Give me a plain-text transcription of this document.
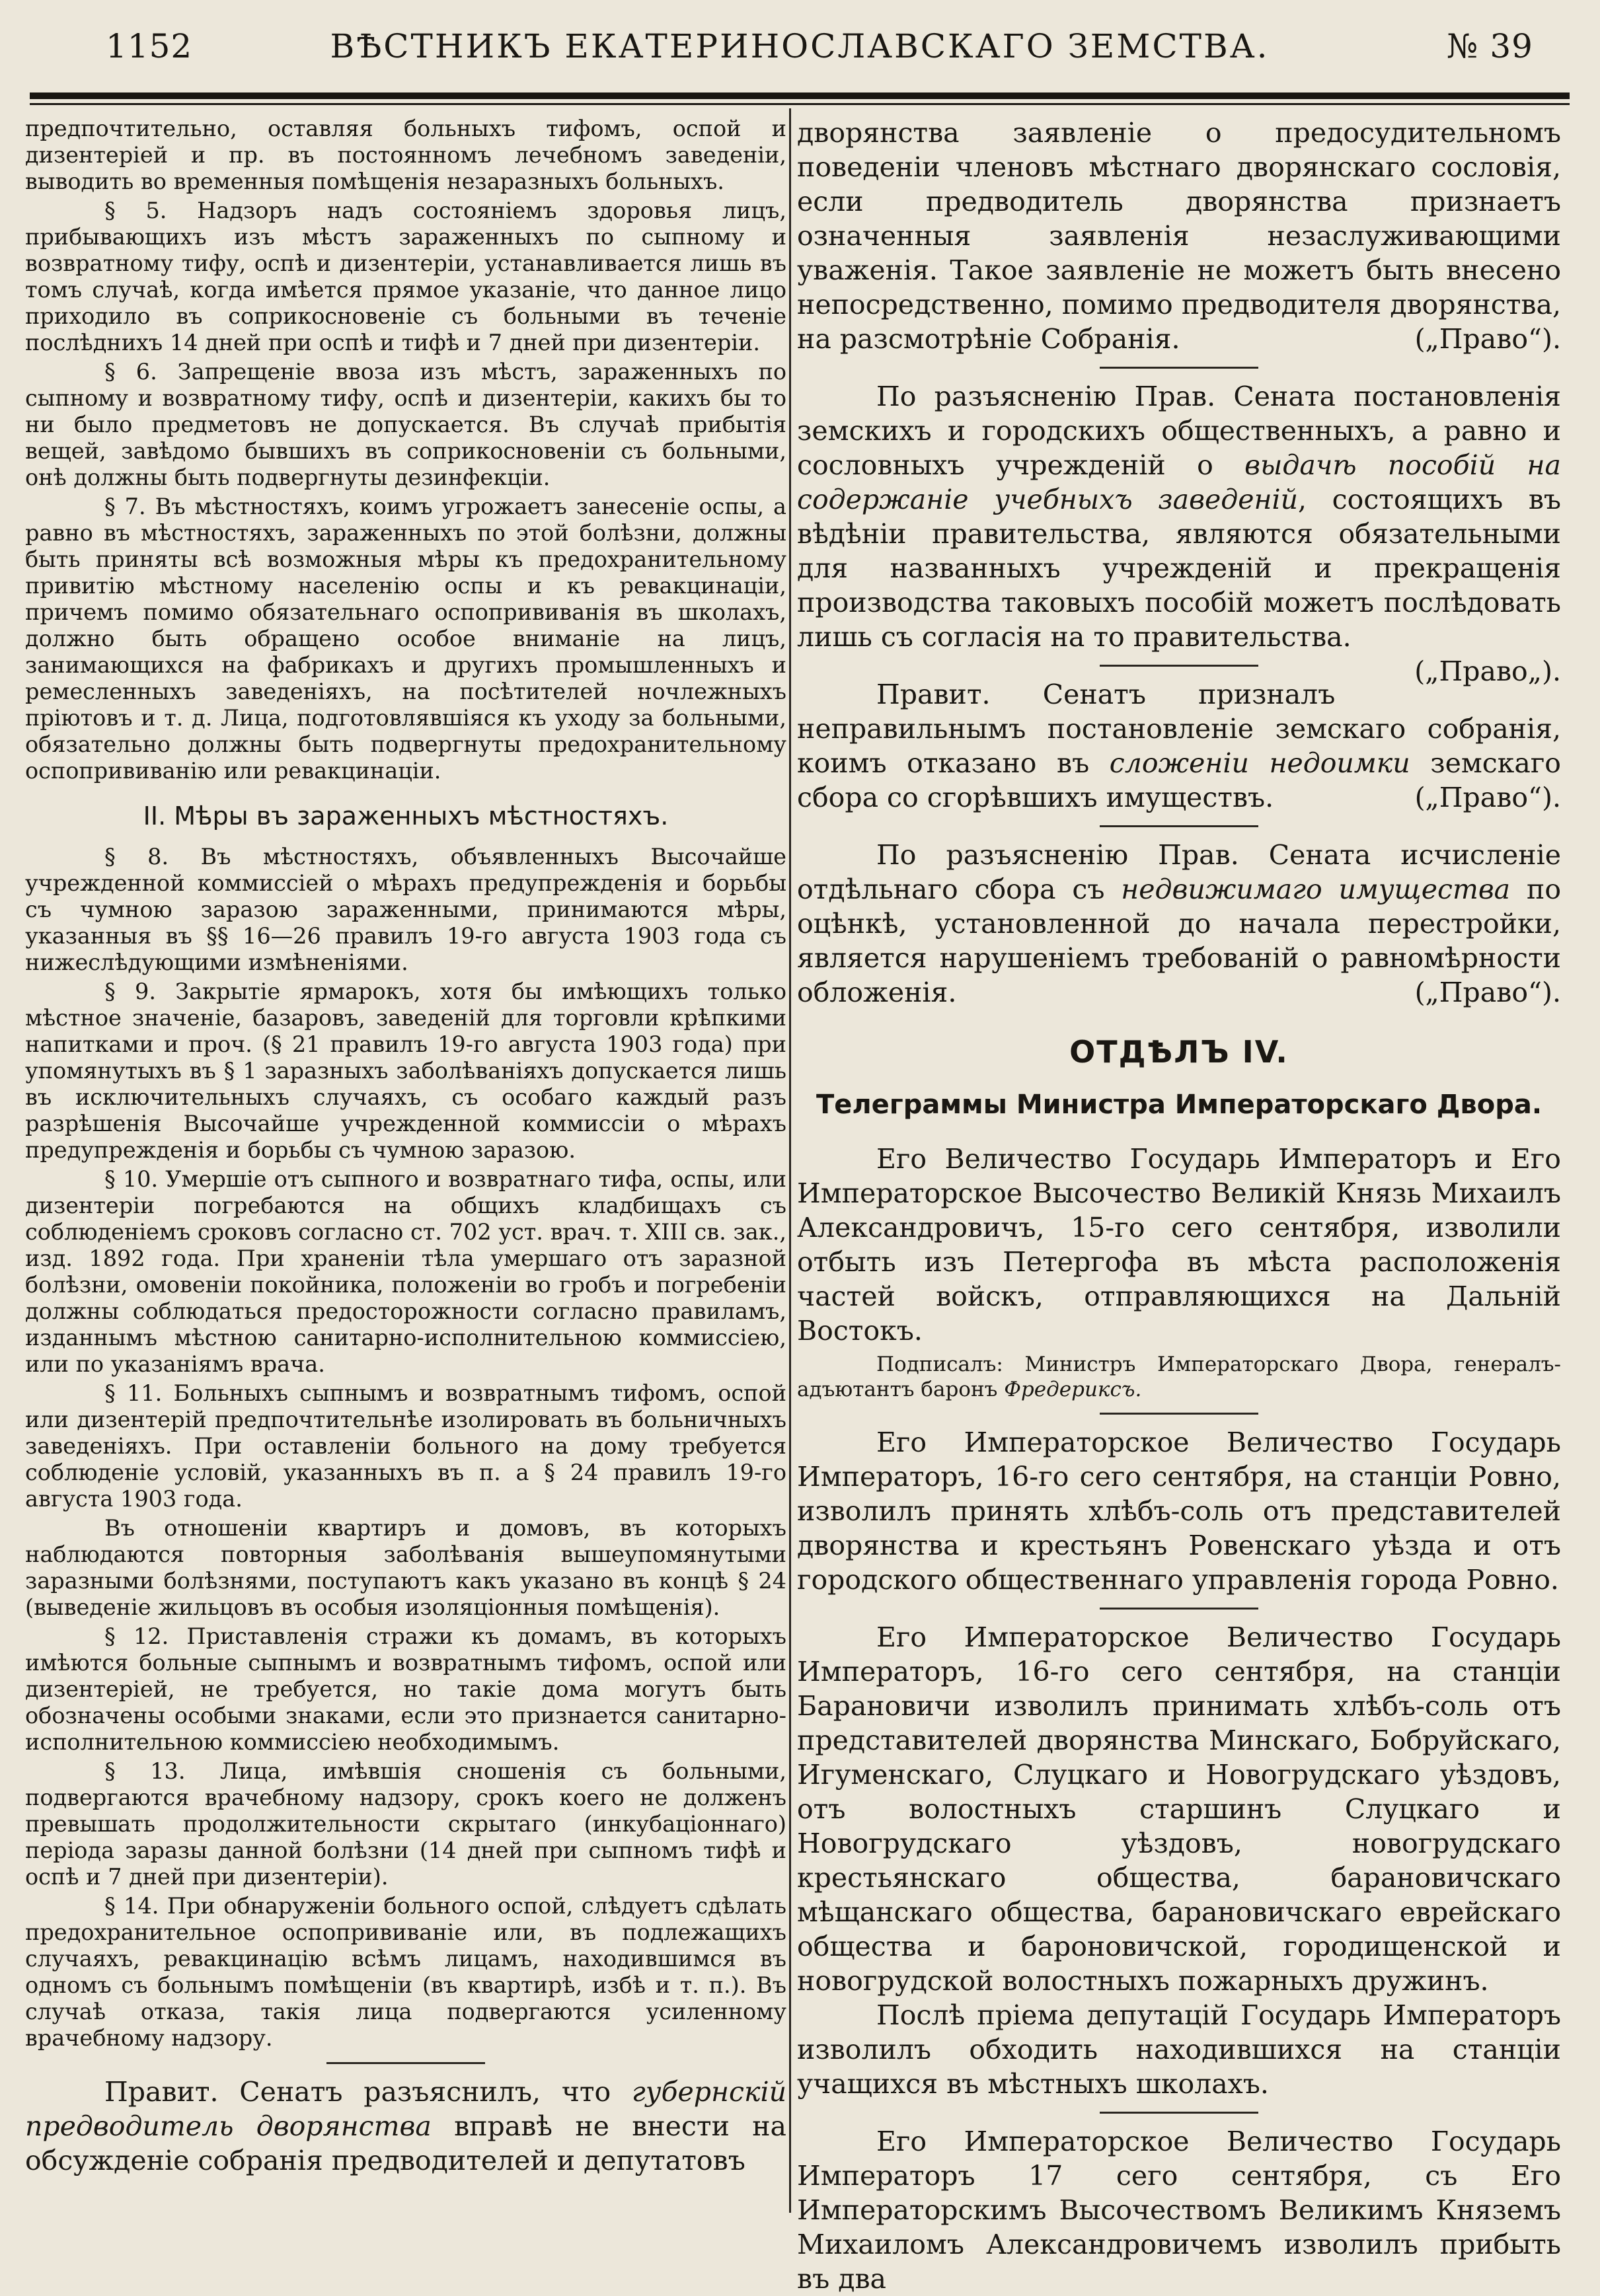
ВѢСТНИКЪ ЕКАТЕРИНОСЛАВСКАГО ЗЕМСТВА.
1152	№ 39

предпочтительно, оставляя больныхъ тифомъ, оспой и дизентерiей и пр. въ постоянномъ лечебномъ заведенiи, выводить во временныя помѣщенiя незаразныхъ больныхъ.

§ 5. Надзоръ надъ состоянiемъ здоровья лицъ, прибывающихъ изъ мѣстъ зараженныхъ по сыпному и возвратному тифу, оспѣ и дизентерiи, устанавливается лишь въ томъ случаѣ, когда имѣется прямое указанiе, что данное лицо приходило въ соприкосновенiе съ больными въ теченiе послѣднихъ 14 дней при оспѣ и тифѣ и 7 дней при дизентерiи.

§ 6. Запрещенiе ввоза изъ мѣстъ, зараженныхъ по сыпному и возвратному тифу, оспѣ и дизентерiи, какихъ бы то ни было предметовъ не допускается. Въ случаѣ прибытiя вещей, завѣдомо бывшихъ въ соприкосновенiи съ больными, онѣ должны быть подвергнуты дезинфекцiи.

§ 7. Въ мѣстностяхъ, коимъ угрожаетъ занесенiе оспы, а равно въ мѣстностяхъ, зараженныхъ по этой болѣзни, должны быть приняты всѣ возможныя мѣры къ предохранительному привитiю мѣстному населенiю оспы и къ ревакцинацiи, причемъ помимо обязательнаго оспопрививанiя въ школахъ, должно быть обращено особое вниманiе на лицъ, занимающихся на фабрикахъ и другихъ промышленныхъ и ремесленныхъ заведенiяхъ, на посѣтителей ночлежныхъ прiютовъ и т. д. Лица, подготовлявшiяся къ уходу за больными, обязательно должны быть подвергнуты предохранительному оспопрививанiю или ревакцинацiи.

II. Мѣры въ зараженныхъ мѣстностяхъ.

§ 8. Въ мѣстностяхъ, объявленныхъ Высочайше учрежденной коммиссiей о мѣрахъ предупрежденiя и борьбы съ чумною заразою зараженными, принимаются мѣры, указанныя въ §§ 16—26 правилъ 19-го августа 1903 года съ нижеслѣдующими измѣненiями.

§ 9. Закрытiе ярмарокъ, хотя бы имѣющихъ только мѣстное значенiе, базаровъ, заведенiй для торговли крѣпкими напитками и проч. (§ 21 правилъ 19-го августа 1903 года) при упомянутыхъ въ § 1 заразныхъ заболѣванiяхъ допускается лишь въ исключительныхъ случаяхъ, съ особаго каждый разъ разрѣшенiя Высочайше учрежденной коммиссiи о мѣрахъ предупрежденiя и борьбы съ чумною заразою.

§ 10. Умершiе отъ сыпного и возвратнаго тифа, оспы, или дизентерiи погребаются на общихъ кладбищахъ съ соблюденiемъ сроковъ согласно ст. 702 уст. врач. т. XIII св. зак., изд. 1892 года. При храненiи тѣла умершаго отъ заразной болѣзни, омовенiи покойника, положенiи во гробъ и погребенiи должны соблюдаться предосторожности согласно правиламъ, изданнымъ мѣстною санитарно-исполнительною коммиссiею, или по указанiямъ врача.

§ 11. Больныхъ сыпнымъ и возвратнымъ тифомъ, оспой или дизентерiй предпочтительнѣе изолировать въ больничныхъ заведенiяхъ. При оставленiи больного на дому требуется соблюденiе условiй, указанныхъ въ п. а § 24 правилъ 19-го августа 1903 года.

Въ отношенiи квартиръ и домовъ, въ которыхъ наблюдаются повторныя заболѣванiя вышеупомянутыми заразными болѣзнями, поступаютъ какъ указано въ концѣ § 24 (выведенiе жильцовъ въ особыя изоляцiонныя помѣщенiя).

§ 12. Приставленiя стражи къ домамъ, въ которыхъ имѣются больные сыпнымъ и возвратнымъ тифомъ, оспой или дизентерiей, не требуется, но такiе дома могутъ быть обозначены особыми знаками, если это признается санитарно-исполнительною коммиссiею необходимымъ.

§ 13. Лица, имѣвшiя сношенiя съ больными, подвергаются врачебному надзору, срокъ коего не долженъ превышать продолжительности скрытаго (инкубацiоннаго) перiода заразы данной болѣзни (14 дней при сыпномъ тифѣ и оспѣ и 7 дней при дизентерiи).

§ 14. При обнаруженiи больного оспой, слѣдуетъ сдѣлать предохранительное оспопрививанiе или, въ подлежащихъ случаяхъ, ревакцинацiю всѣмъ лицамъ, находившимся въ одномъ съ больнымъ помѣщенiи (въ квартирѣ, избѣ и т. п.). Въ случаѣ отказа, такiя лица подвергаются усиленному врачебному надзору.

Правит. Сенатъ разъяснилъ, что губернскiй предводитель дворянства вправѣ не внести на обсужденiе собранiя предводителей и депутатовъ

дворянства заявленiе о предосудительномъ поведенiи членовъ мѣстнаго дворянскаго сословiя, если предводитель дворянства признаетъ означенныя заявленiя незаслуживающими уваженiя. Такое заявленiе не можетъ быть внесено непосредственно, помимо предводителя дворянства, на разсмотрѣнiе Собранiя.	(„Право“).

По разъясненiю Прав. Сената постановленiя земскихъ и городскихъ общественныхъ, а равно и сословныхъ учрежденiй о выдачѣ пособiй на содержанiе учебныхъ заведенiй, состоящихъ въ вѣдѣнiи правительства, являются обязательными для названныхъ учрежденiй и прекращенiя производства таковыхъ пособiй можетъ послѣдовать лишь съ согласiя на то правительства.
(„Право„).

Правит. Сенатъ призналъ неправильнымъ постановленiе земскаго собранiя, коимъ отказано въ сложенiи недоимки земскаго сбора со сгорѣвшихъ имуществъ.	(„Право“).

По разъясненiю Прав. Сената исчисленiе отдѣльнаго сбора съ недвижимаго имущества по оцѣнкѣ, установленной до начала перестройки, является нарушенiемъ требованiй о равномѣрности обложенiя.	(„Право“).

ОТДѢЛЪ IV.

Телеграммы Министра Императорскаго Двора.

Его Величество Государь Императоръ и Его Императорское Высочество Великiй Князь Михаилъ Александровичъ, 15-го сего сентября, изволили отбыть изъ Петергофа въ мѣста расположенiя частей войскъ, отправляющихся на Дальнiй Востокъ.

Подписалъ: Министръ Императорскаго Двора, генералъ-адъютантъ баронъ Фредериксъ.

Его Императорское Величество Государь Императоръ, 16-го сего сентября, на станцiи Ровно, изволилъ принять хлѣбъ-соль отъ представителей дворянства и крестьянъ Ровенскаго уѣзда и отъ городского общественнаго управленiя города Ровно.

Его Императорское Величество Государь Императоръ, 16-го сего сентября, на станцiи Барановичи изволилъ принимать хлѣбъ-соль отъ представителей дворянства Минскаго, Бобруйскаго, Игуменскаго, Слуцкаго и Новогрудскаго уѣздовъ, отъ волостныхъ старшинъ Слуцкаго и Новогрудскаго уѣздовъ, новогрудскаго крестьянскаго общества, барановичскаго мѣщанскаго общества, барановичскаго еврейскаго общества и бароновичской, городищенской и новогрудской волостныхъ пожарныхъ дружинъ.

Послѣ прiема депутацiй Государь Императоръ изволилъ обходить находившихся на станцiи учащихся въ мѣстныхъ школахъ.

Его Императорское Величество Государь Императоръ 17 сего сентября, съ Его Императорскимъ Высочествомъ Великимъ Княземъ Михаиломъ Александровичемъ изволилъ прибыть въ два
